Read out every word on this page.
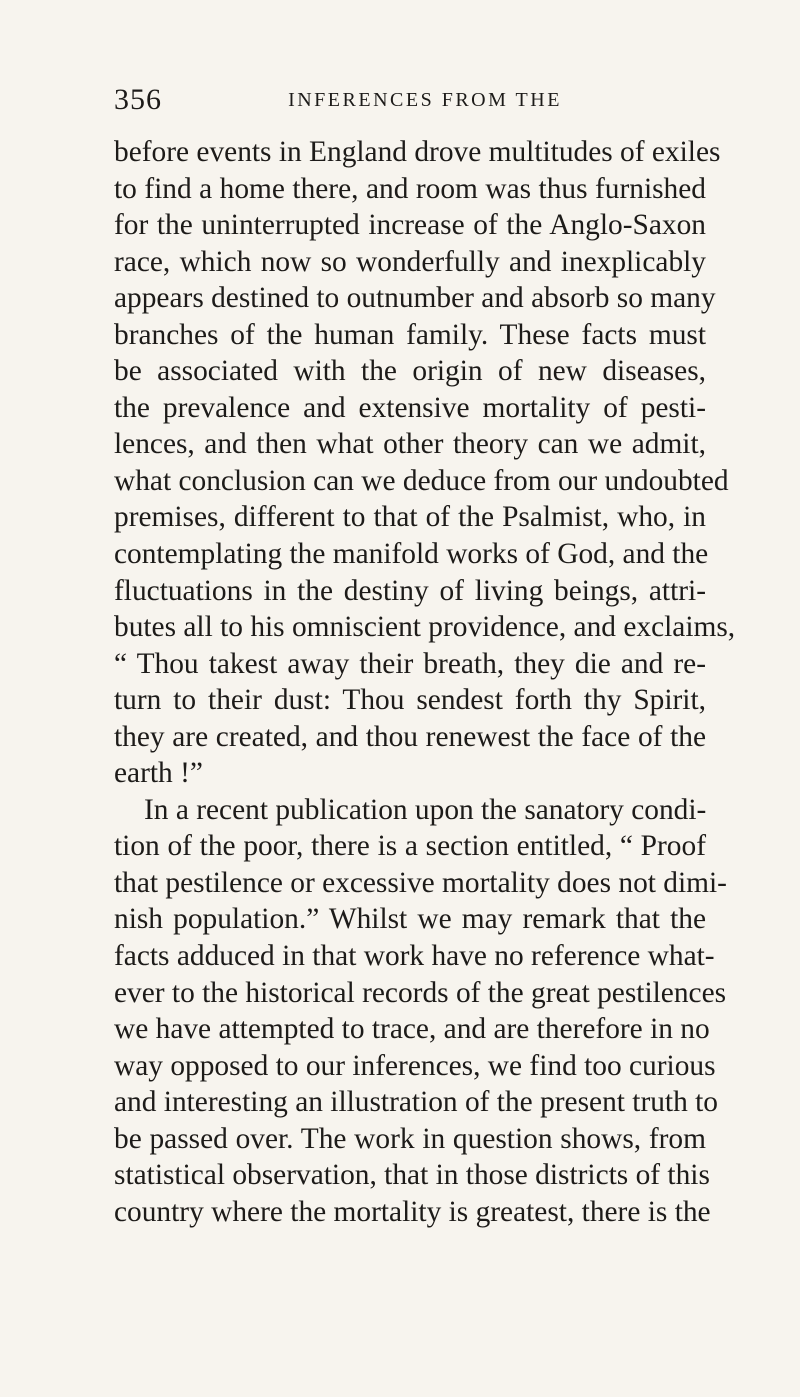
356	INFERENCES FROM THE
before events in England drove multitudes of exiles
to find a home there, and room was thus furnished
for the uninterrupted increase of the Anglo-Saxon
race, which now so wonderfully and inexplicably
appears destined to outnumber and absorb so many
branches of the human family. These facts must
be associated with the origin of new diseases,
the prevalence and extensive mortality of pesti-
lences, and then what other theory can we admit,
what conclusion can we deduce from our undoubted
premises, different to that of the Psalmist, who, in
contemplating the manifold works of God, and the
fluctuations in the destiny of living beings, attri-
butes all to his omniscient providence, and exclaims,
“ Thou takest away their breath, they die and re-
turn to their dust: Thou sendest forth thy Spirit,
they are created, and thou renewest the face of the
earth !”
In a recent publication upon the sanatory condi-
tion of the poor, there is a section entitled, “ Proof
that pestilence or excessive mortality does not dimi-
nish population.” Whilst we may remark that the
facts adduced in that work have no reference what-
ever to the historical records of the great pestilences
we have attempted to trace, and are therefore in no
way opposed to our inferences, we find too curious
and interesting an illustration of the present truth to
be passed over. The work in question shows, from
statistical observation, that in those districts of this
country where the mortality is greatest, there is the
